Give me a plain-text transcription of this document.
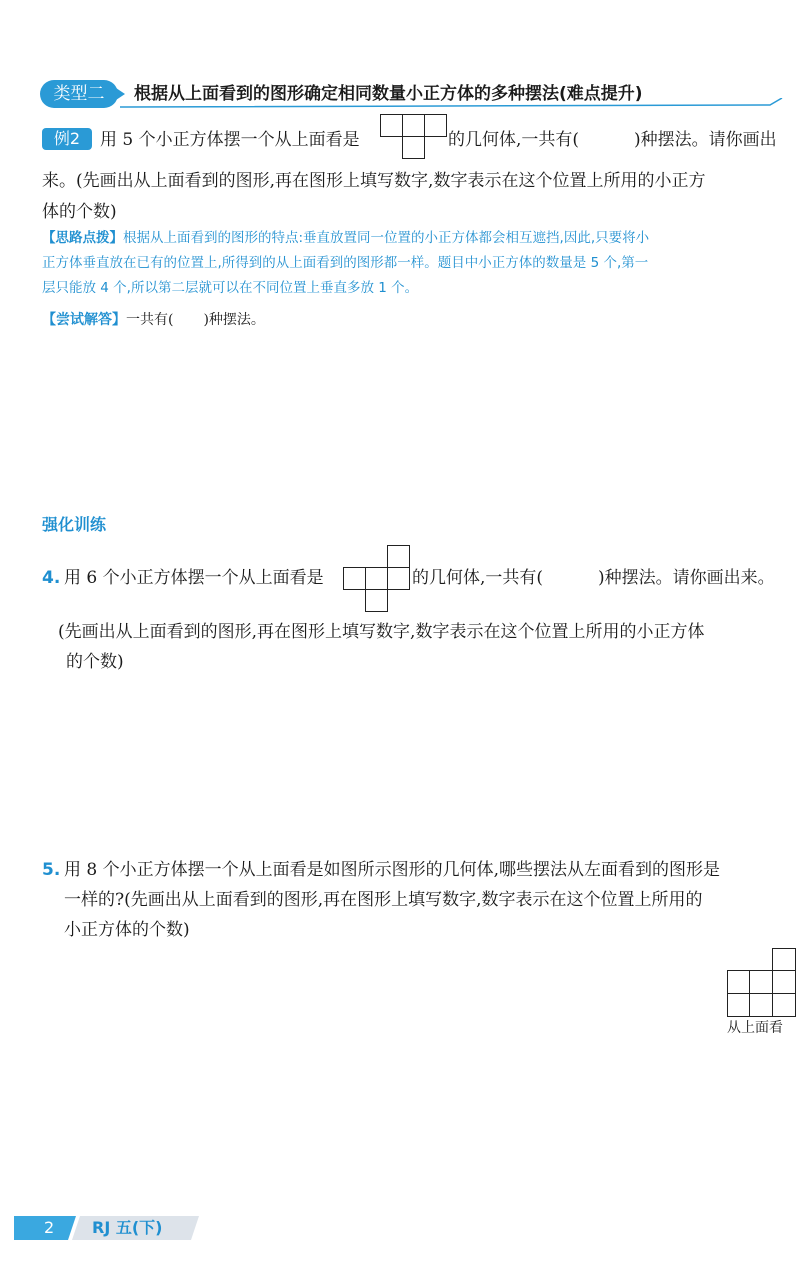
类型二	根据从上面看到的图形确定相同数量小正方体的多种摆法(难点提升)
例2	用 5 个小正方体摆一个从上面看是	的几何体,一共有(	)种摆法。请你画出
来。(先画出从上面看到的图形,再在图形上填写数字,数字表示在这个位置上所用的小正方
体的个数)
【思路点拨】根据从上面看到的图形的特点:垂直放置同一位置的小正方体都会相互遮挡,因此,只要将小
正方体垂直放在已有的位置上,所得到的从上面看到的图形都一样。题目中小正方体的数量是 5 个,第一
层只能放 4 个,所以第二层就可以在不同位置上垂直多放 1 个。
【尝试解答】一共有( )种摆法。
强化训练
4. 用 6 个小正方体摆一个从上面看是	的几何体,一共有(	)种摆法。请你画出来。
(先画出从上面看到的图形,再在图形上填写数字,数字表示在这个位置上所用的小正方体
的个数)
5. 用 8 个小正方体摆一个从上面看是如图所示图形的几何体,哪些摆法从左面看到的图形是
一样的?(先画出从上面看到的图形,再在图形上填写数字,数字表示在这个位置上所用的
小正方体的个数)
从上面看
2 RJ 五(下)
